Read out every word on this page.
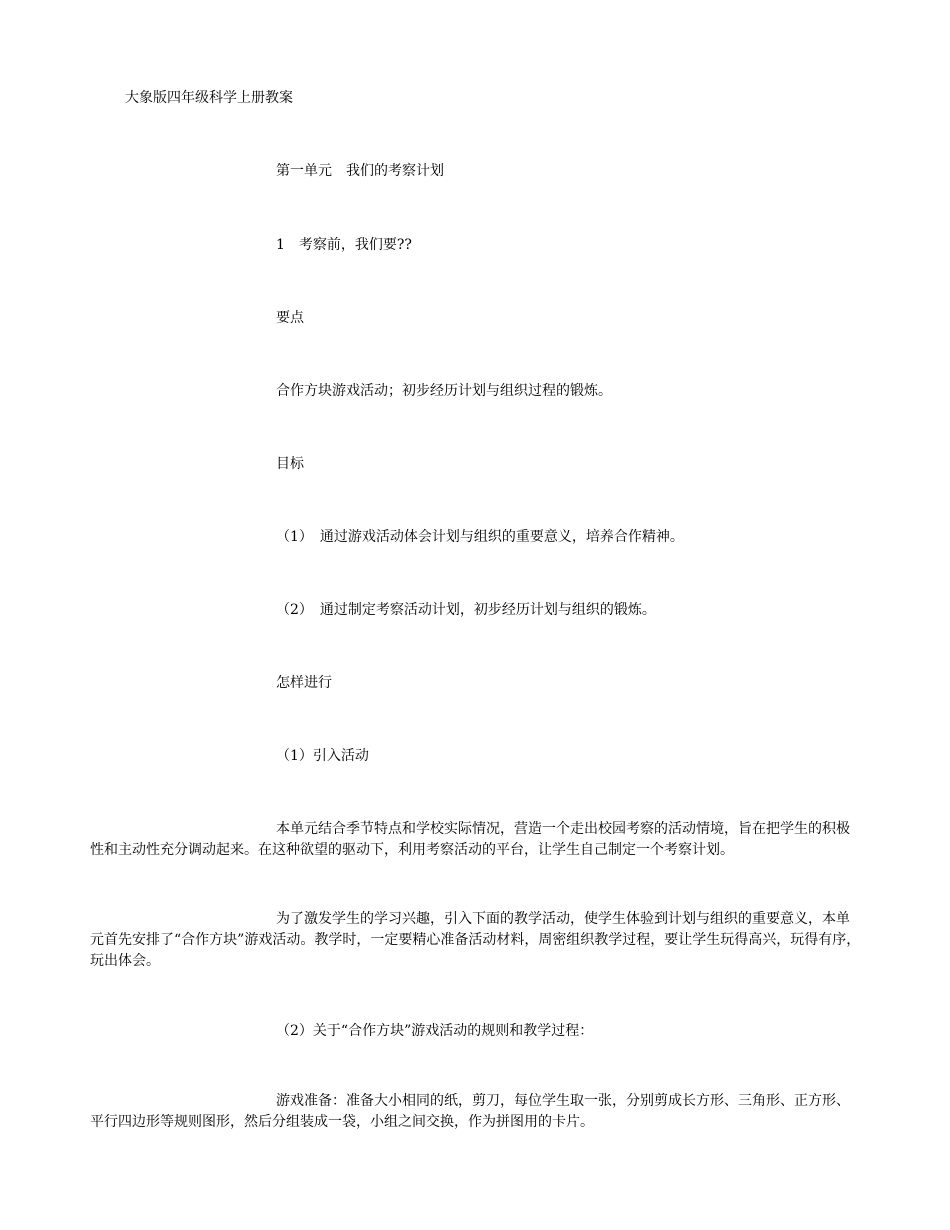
大象版四年级科学上册教案

第一单元　我们的考察计划

1　考察前，我们要??

要点

合作方块游戏活动；初步经历计划与组织过程的锻炼。

目标

（1）　通过游戏活动体会计划与组织的重要意义，培养合作精神。

（2）　通过制定考察活动计划，初步经历计划与组织的锻炼。

怎样进行

（1）引入活动

本单元结合季节特点和学校实际情况，营造一个走出校园考察的活动情境，旨在把学生的积极性和主动性充分调动起来。在这种欲望的驱动下，利用考察活动的平台，让学生自己制定一个考察计划。

为了激发学生的学习兴趣，引入下面的教学活动，使学生体验到计划与组织的重要意义，本单元首先安排了“合作方块”游戏活动。教学时，一定要精心准备活动材料，周密组织教学过程，要让学生玩得高兴，玩得有序，玩出体会。

（2）关于“合作方块”游戏活动的规则和教学过程：

游戏准备：准备大小相同的纸，剪刀，每位学生取一张，分别剪成长方形、三角形、正方形、平行四边形等规则图形，然后分组装成一袋，小组之间交换，作为拼图用的卡片。
